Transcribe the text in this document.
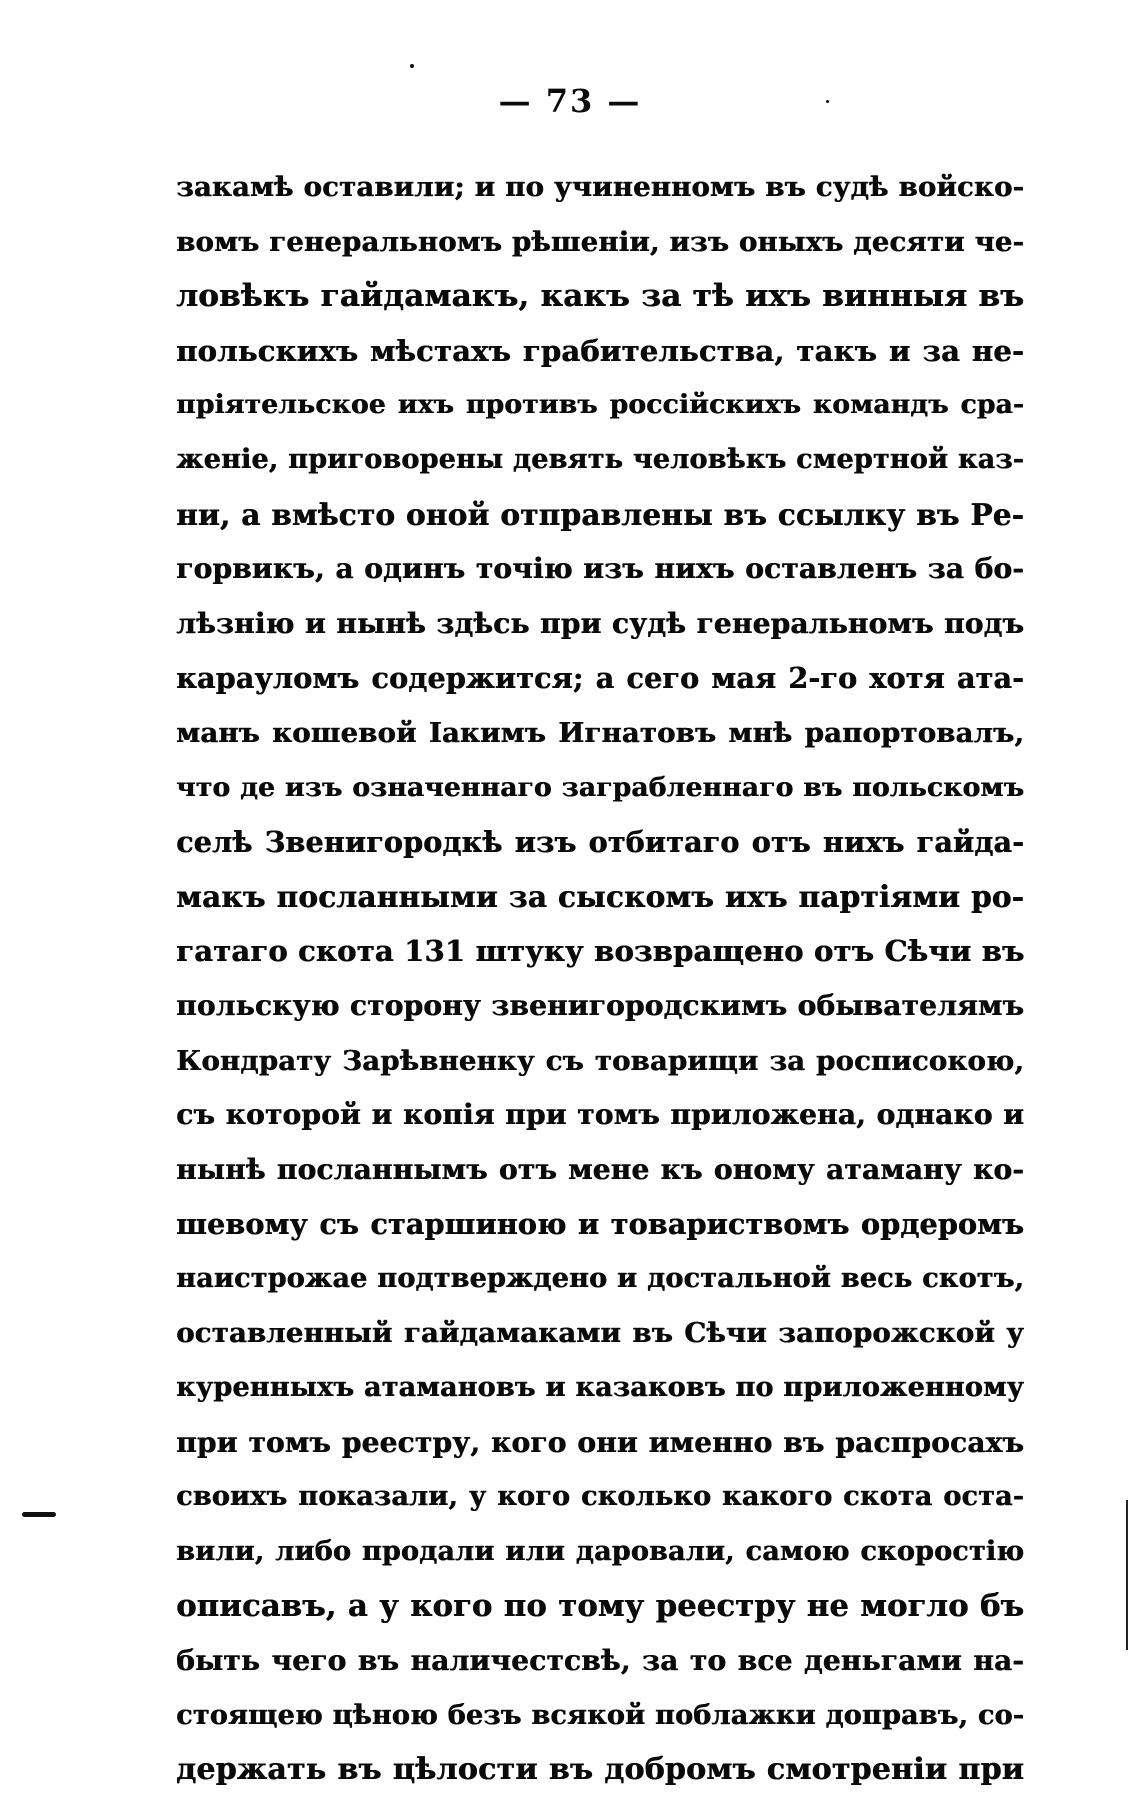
— 73 —
закамѣ оставили; и по учиненномъ въ судѣ войско-
вомъ генеральномъ рѣшеніи, изъ оныхъ десяти че-
ловѣкъ гайдамакъ, какъ за тѣ ихъ винныя въ
польскихъ мѣстахъ грабительства, такъ и за не-
пріятельское ихъ противъ россійскихъ командъ сра-
женіе, приговорены девять человѣкъ смертной каз-
ни, а вмѣсто оной отправлены въ ссылку въ Ре-
горвикъ, а одинъ точію изъ нихъ оставленъ за бо-
лѣзнію и нынѣ здѣсь при судѣ генеральномъ подъ
карауломъ содержится; а сего мая 2-го хотя ата-
манъ кошевой Іакимъ Игнатовъ мнѣ рапортовалъ,
что де изъ означеннаго заграбленнаго въ польскомъ
селѣ Звенигородкѣ изъ отбитаго отъ нихъ гайда-
макъ посланными за сыскомъ ихъ партіями ро-
гатаго скота 131 штуку возвращено отъ Сѣчи въ
польскую сторону звенигородскимъ обывателямъ
Кондрату Зарѣвненку съ товарищи за росписокою,
съ которой и копія при томъ приложена, однако и
нынѣ посланнымъ отъ мене къ оному атаману ко-
шевому съ старшиною и товариствомъ ордеромъ
наистрожае подтверждено и достальной весь скотъ,
оставленный гайдамаками въ Сѣчи запорожской у
куренныхъ атамановъ и казаковъ по приложенному
при томъ реестру, кого они именно въ распросахъ
своихъ показали, у кого сколько какого скота оста-
вили, либо продали или даровали, самою скоростію
описавъ, а у кого по тому реестру не могло бъ
быть чего въ наличестсвѣ, за то все деньгами на-
стоящею цѣною безъ всякой поблажки доправъ, со-
держать въ цѣлости въ добромъ смотреніи при
